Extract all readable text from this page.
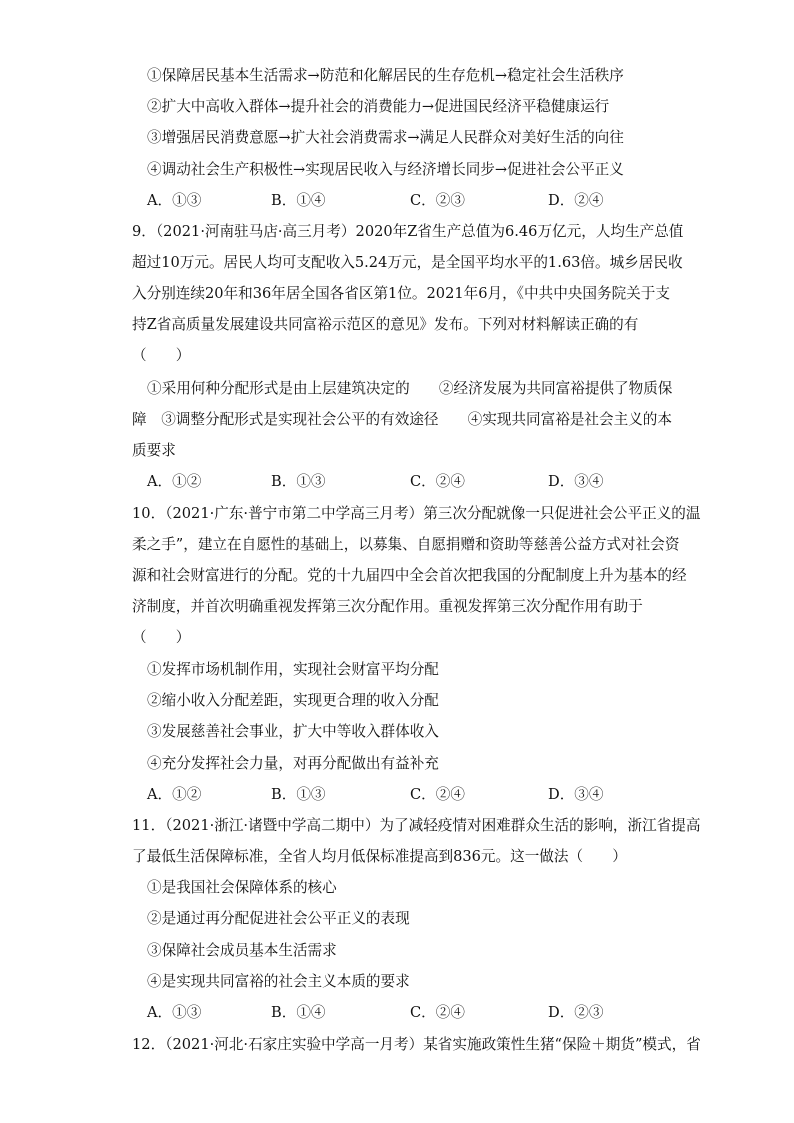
①保障居民基本生活需求→防范和化解居民的生存危机→稳定社会生活秩序
②扩大中高收入群体→提升社会的消费能力→促进国民经济平稳健康运行
③增强居民消费意愿→扩大社会消费需求→满足人民群众对美好生活的向往
④调动社会生产积极性→实现居民收入与经济增长同步→促进社会公平正义
A．①③	B．①④	C．②③	D．②④
9．（2021·河南驻马店·高三月考）2020年Z省生产总值为6.46万亿元，人均生产总值
超过10万元。居民人均可支配收入5.24万元，是全国平均水平的1.63倍。城乡居民收
入分别连续20年和36年居全国各省区第1位。2021年6月，《中共中央国务院关于支
持Z省高质量发展建设共同富裕示范区的意见》发布。下列对材料解读正确的有
（　　）
①采用何种分配形式是由上层建筑决定的　　②经济发展为共同富裕提供了物质保
障　③调整分配形式是实现社会公平的有效途径　　④实现共同富裕是社会主义的本
质要求
A．①②	B．①③	C．②④	D．③④
10．（2021·广东·普宁市第二中学高三月考）第三次分配就像一只促进社会公平正义的温
柔之手”，建立在自愿性的基础上，以募集、自愿捐赠和资助等慈善公益方式对社会资
源和社会财富进行的分配。党的十九届四中全会首次把我国的分配制度上升为基本的经
济制度，并首次明确重视发挥第三次分配作用。重视发挥第三次分配作用有助于
（　　）
①发挥市场机制作用，实现社会财富平均分配
②缩小收入分配差距，实现更合理的收入分配
③发展慈善社会事业，扩大中等收入群体收入
④充分发挥社会力量，对再分配做出有益补充
A．①②	B．①③	C．②④	D．③④
11．（2021·浙江·诸暨中学高二期中）为了减轻疫情对困难群众生活的影响，浙江省提高
了最低生活保障标准，全省人均月低保标准提高到836元。这一做法（　　）
①是我国社会保障体系的核心
②是通过再分配促进社会公平正义的表现
③保障社会成员基本生活需求
④是实现共同富裕的社会主义本质的要求
A．①③	B．①④	C．②④	D．②③
12．（2021·河北·石家庄实验中学高一月考）某省实施政策性生猪“保险＋期货”模式，省
